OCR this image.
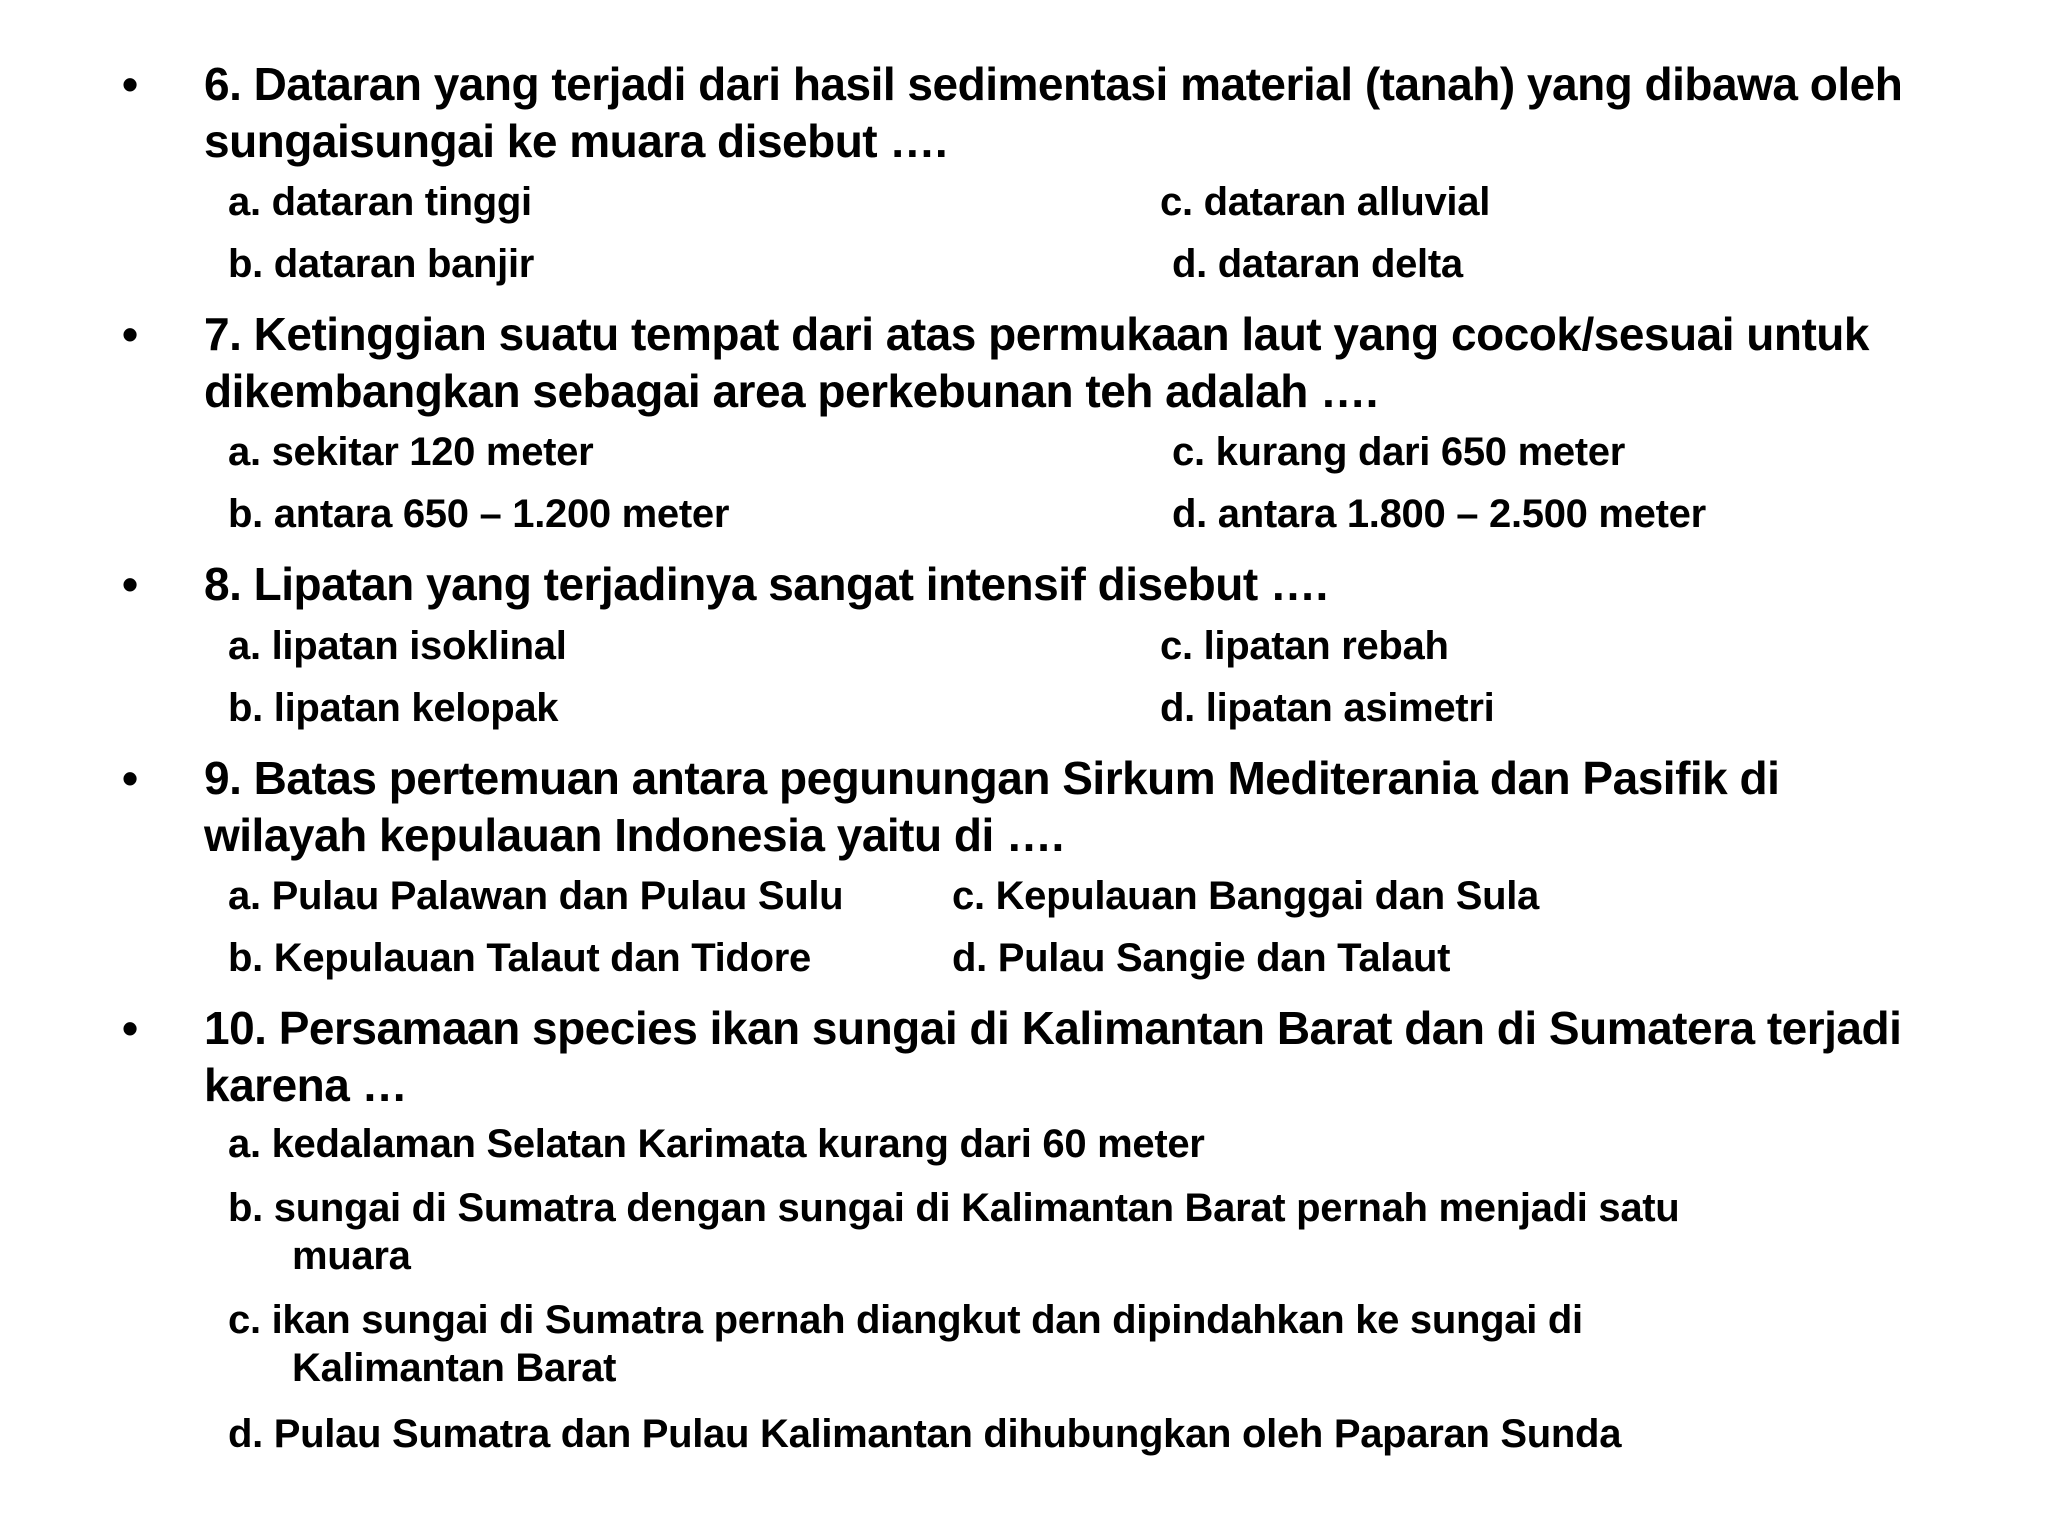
• 6. Dataran yang terjadi dari hasil sedimentasi material (tanah) yang dibawa oleh sungaisungai ke muara disebut ….
a. dataran tinggi	c. dataran alluvial
b. dataran banjir	d. dataran delta
• 7. Ketinggian suatu tempat dari atas permukaan laut yang cocok/sesuai untuk dikembangkan sebagai area perkebunan teh adalah ….
a. sekitar 120 meter	c. kurang dari 650 meter
b. antara 650 – 1.200 meter	d. antara 1.800 – 2.500 meter
• 8. Lipatan yang terjadinya sangat intensif disebut ….
a. lipatan isoklinal	c. lipatan rebah
b. lipatan kelopak	d. lipatan asimetri
• 9. Batas pertemuan antara pegunungan Sirkum Mediterania dan Pasifik di wilayah kepulauan Indonesia yaitu di ….
a. Pulau Palawan dan Pulau Sulu	c. Kepulauan Banggai dan Sula
b. Kepulauan Talaut dan Tidore	d. Pulau Sangie dan Talaut
• 10. Persamaan species ikan sungai di Kalimantan Barat dan di Sumatera terjadi karena …
a. kedalaman Selatan Karimata kurang dari 60 meter
b. sungai di Sumatra dengan sungai di Kalimantan Barat pernah menjadi satu
muara
c. ikan sungai di Sumatra pernah diangkut dan dipindahkan ke sungai di
Kalimantan Barat
d. Pulau Sumatra dan Pulau Kalimantan dihubungkan oleh Paparan Sunda
